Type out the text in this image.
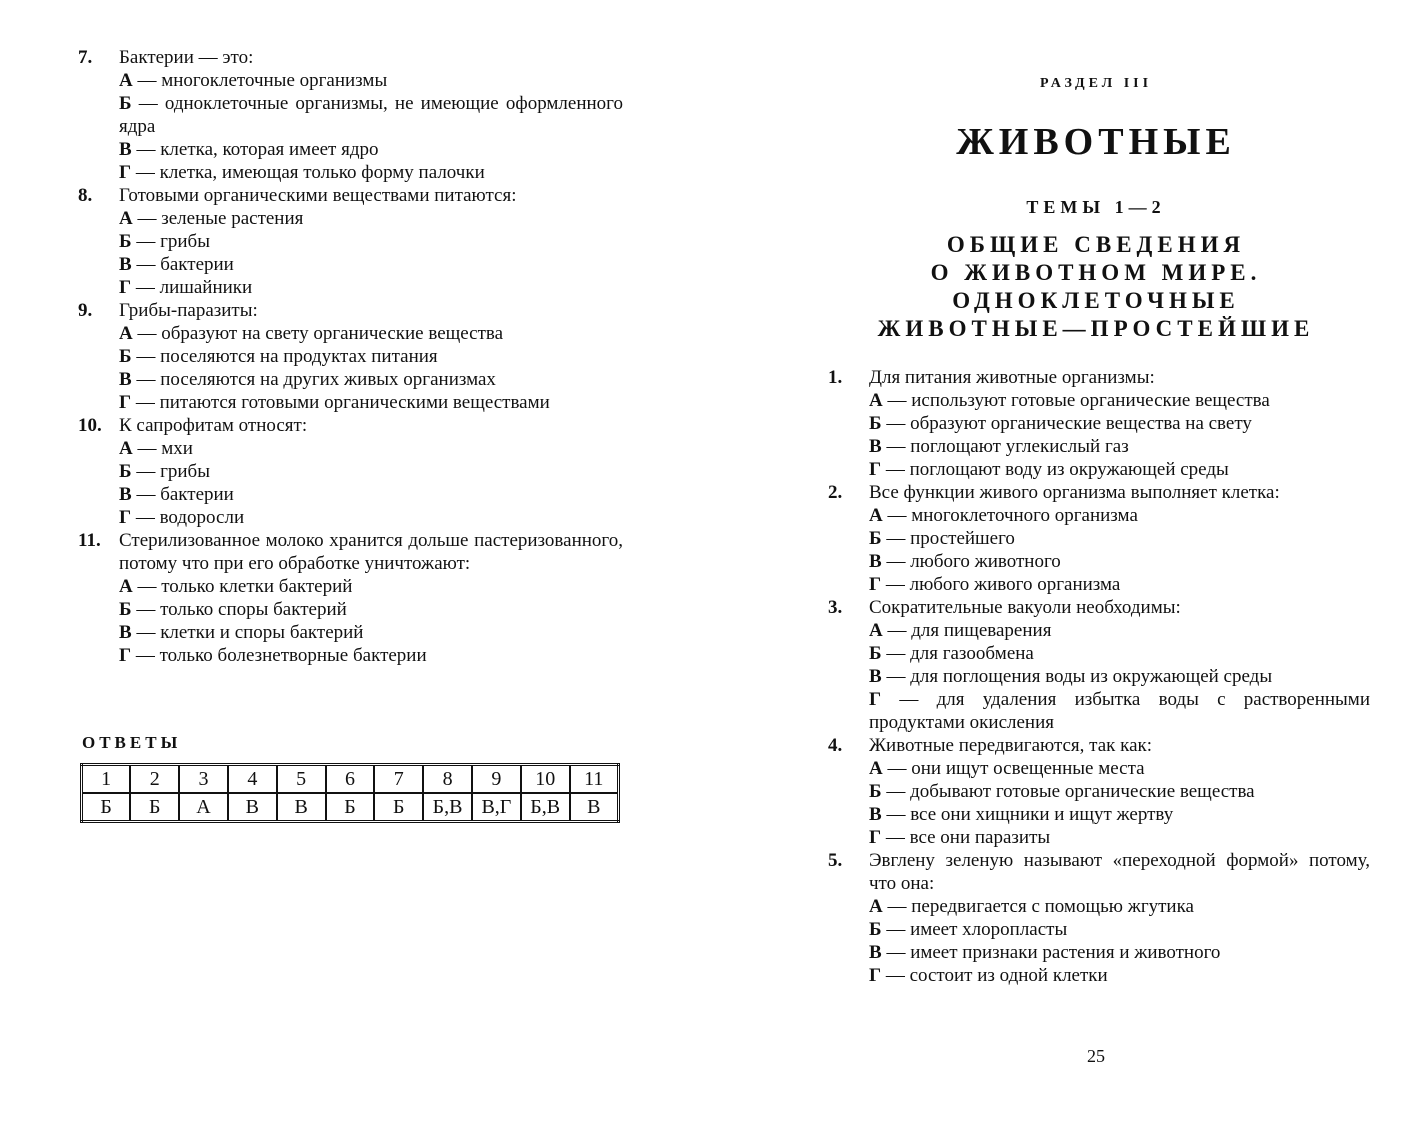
7.	Бактерии — это:
А — многоклеточные организмы
Б — одноклеточные организмы, не имеющие оформленного ядра
В — клетка, которая имеет ядро
Г — клетка, имеющая только форму палочки
8.	Готовыми органическими веществами питаются:
А — зеленые растения
Б — грибы
В — бактерии
Г — лишайники
9.	Грибы-паразиты:
А — образуют на свету органические вещества
Б — поселяются на продуктах питания
В — поселяются на других живых организмах
Г — питаются готовыми органическими веществами
10. К сапрофитам относят:
А — мхи
Б — грибы
В — бактерии
Г — водоросли
11. Стерилизованное молоко хранится дольше пастеризованного, потому что при его обработке уничтожают:
А — только клетки бактерий
Б — только споры бактерий
В — клетки и споры бактерий
Г — только болезнетворные бактерии
ОТВЕТЫ
1	2	3	4	5	6	7	8	9	10	11
Б	Б	А	В	В	Б	Б	Б,В	В,Г	Б,В	В
РАЗДЕЛ III
ЖИВОТНЫЕ
ТЕМЫ 1—2
ОБЩИЕ СВЕДЕНИЯ
О ЖИВОТНОМ МИРЕ.
ОДНОКЛЕТОЧНЫЕ
ЖИВОТНЫЕ—ПРОСТЕЙШИЕ
1.	Для питания животные организмы:
А — используют готовые органические вещества
Б — образуют органические вещества на свету
В — поглощают углекислый газ
Г — поглощают воду из окружающей среды
2.	Все функции живого организма выполняет клетка:
А — многоклеточного организма
Б — простейшего
В — любого животного
Г — любого живого организма
3.	Сократительные вакуоли необходимы:
А — для пищеварения
Б — для газообмена
В — для поглощения воды из окружающей среды
Г — для удаления избытка воды с растворенными продуктами окисления
4.	Животные передвигаются, так как:
А — они ищут освещенные места
Б — добывают готовые органические вещества
В — все они хищники и ищут жертву
Г — все они паразиты
5.	Эвглену зеленую называют «переходной формой» потому, что она:
А — передвигается с помощью жгутика
Б — имеет хлоропласты
В — имеет признаки растения и животного
Г — состоит из одной клетки

25
